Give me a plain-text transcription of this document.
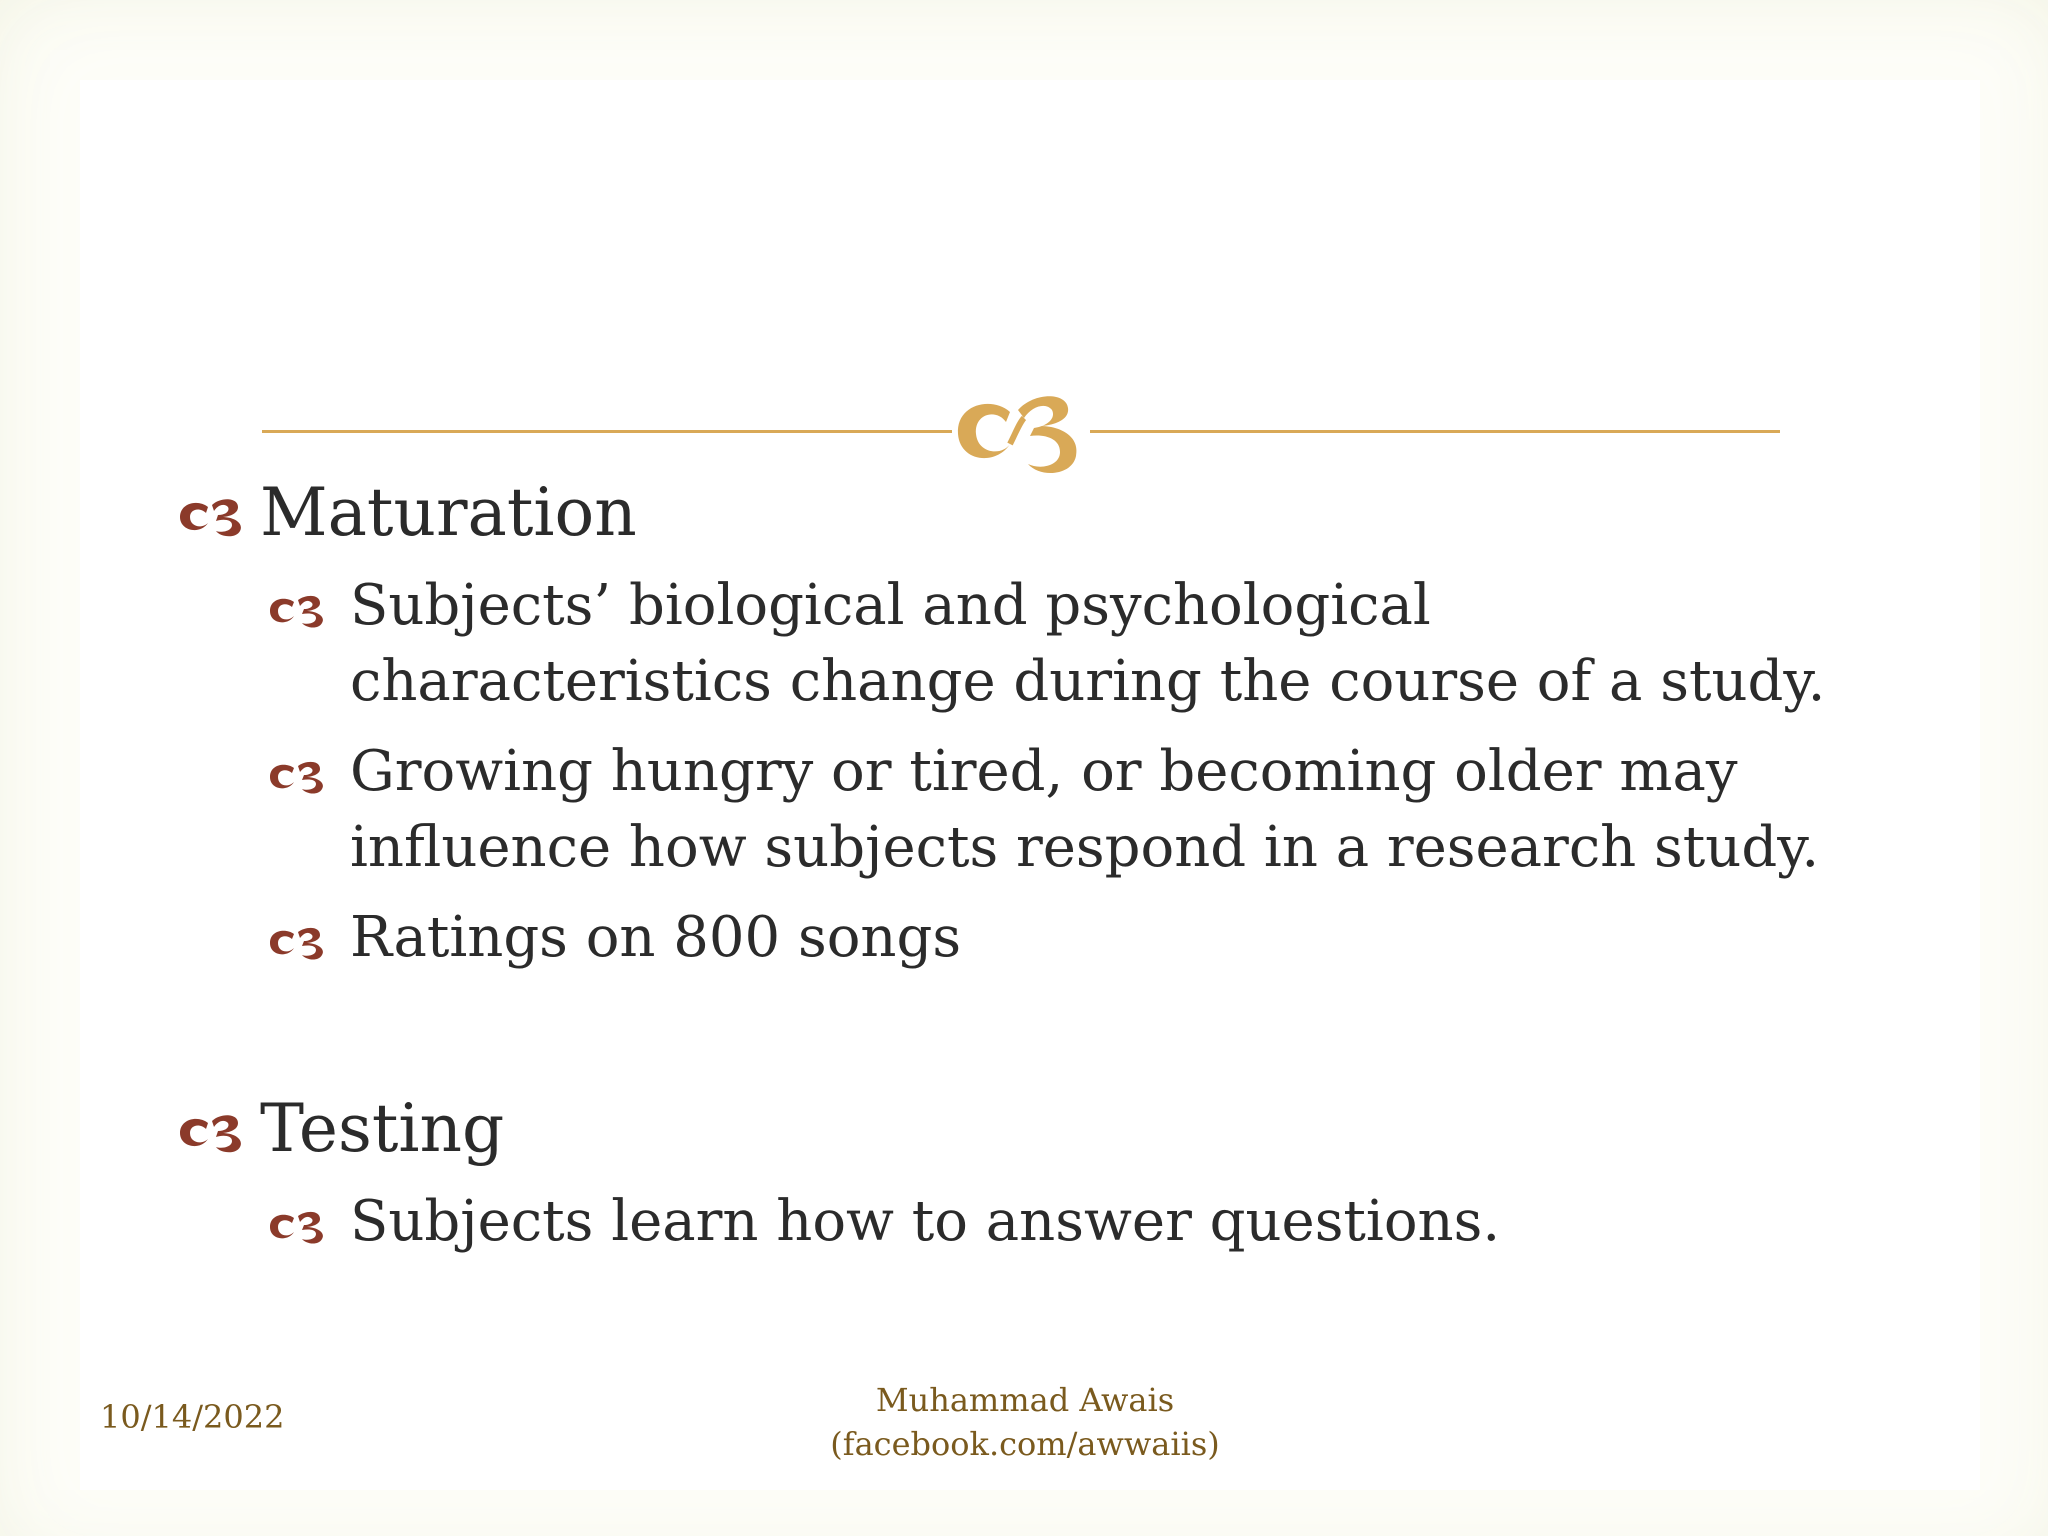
Maturation
Subjects’ biological and psychological characteristics change during the course of a study.
Growing hungry or tired, or becoming older may influence how subjects respond in a research study.
Ratings on 800 songs
Testing
Subjects learn how to answer questions.
10/14/2022	Muhammad Awais
(facebook.com/awwaiis)
